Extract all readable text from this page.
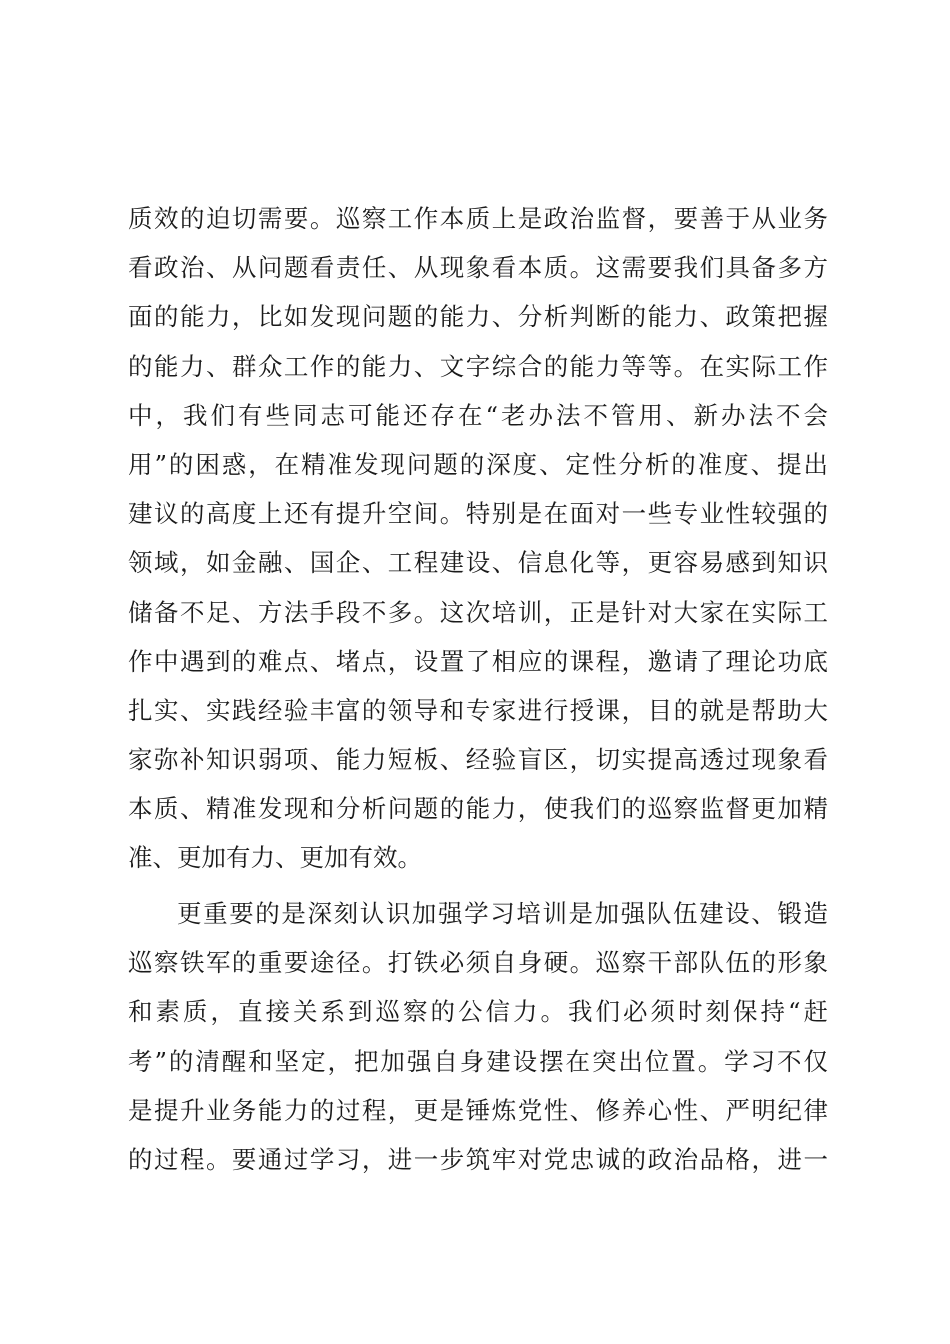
质效的迫切需要。巡察工作本质上是政治监督，要善于从业务
看政治、从问题看责任、从现象看本质。这需要我们具备多方
面的能力，比如发现问题的能力、分析判断的能力、政策把握
的能力、群众工作的能力、文字综合的能力等等。在实际工作
中，我们有些同志可能还存在“老办法不管用、新办法不会
用”的困惑，在精准发现问题的深度、定性分析的准度、提出
建议的高度上还有提升空间。特别是在面对一些专业性较强的
领域，如金融、国企、工程建设、信息化等，更容易感到知识
储备不足、方法手段不多。这次培训，正是针对大家在实际工
作中遇到的难点、堵点，设置了相应的课程，邀请了理论功底
扎实、实践经验丰富的领导和专家进行授课，目的就是帮助大
家弥补知识弱项、能力短板、经验盲区，切实提高透过现象看
本质、精准发现和分析问题的能力，使我们的巡察监督更加精
准、更加有力、更加有效。
更重要的是深刻认识加强学习培训是加强队伍建设、锻造
巡察铁军的重要途径。打铁必须自身硬。巡察干部队伍的形象
和素质，直接关系到巡察的公信力。我们必须时刻保持“赶
考”的清醒和坚定，把加强自身建设摆在突出位置。学习不仅
是提升业务能力的过程，更是锤炼党性、修养心性、严明纪律
的过程。要通过学习，进一步筑牢对党忠诚的政治品格，进一
